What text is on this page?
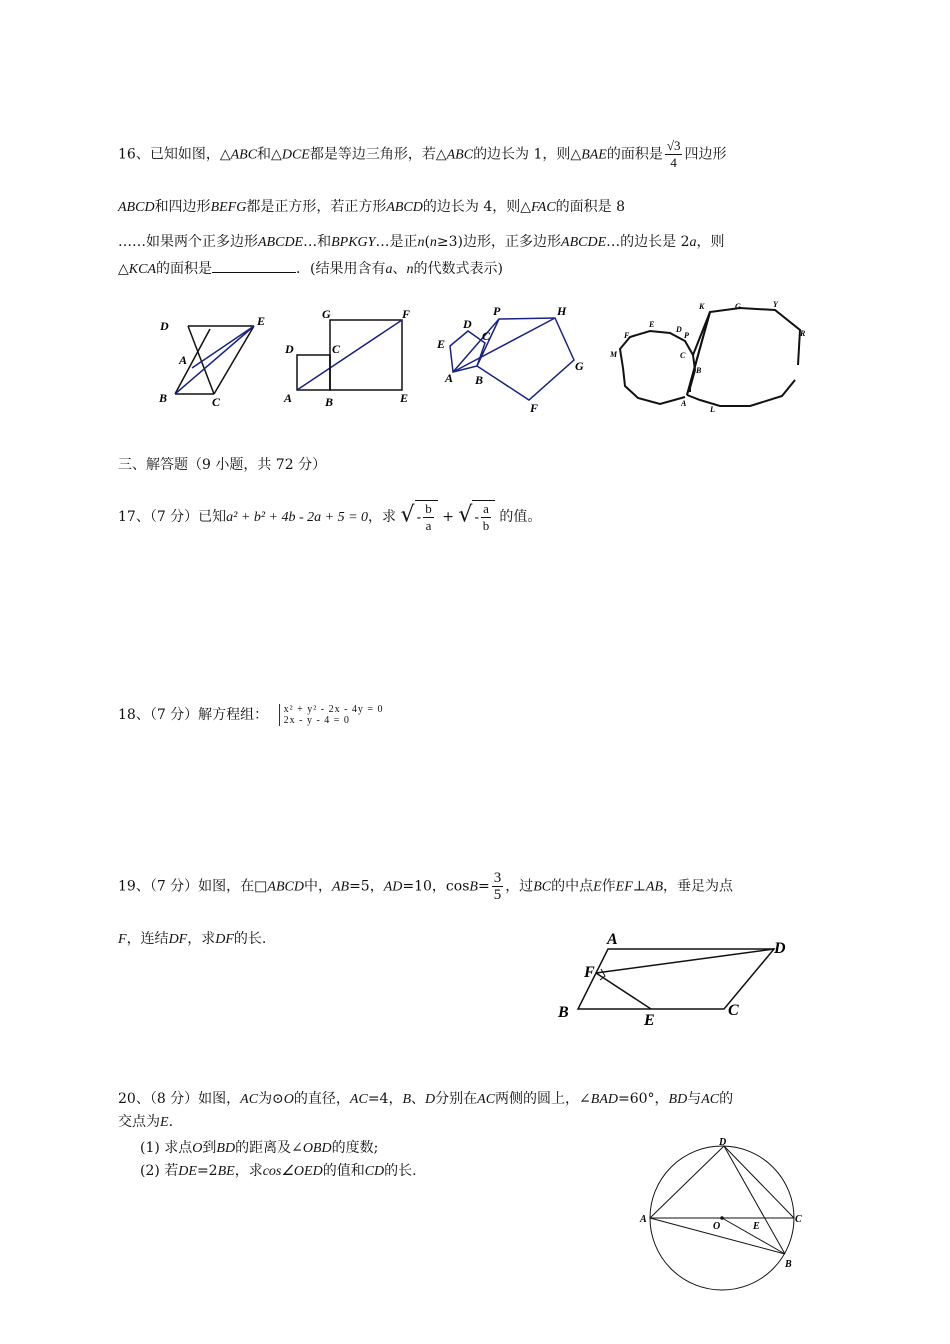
16、已知如图，△ABC和△DCE都是等边三角形，若△ABC的边长为 1，则△BAE的面积是 $\frac{√3}{4}$ 四边形
ABCD和四边形BEFG都是正方形，若正方形ABCD的边长为 4，则△FAC的面积是 8
……如果两个正多边形ABCDE…和BPKGY…是正n(n≥3)边形，正多边形ABCDE…的边长是 2a，则
△KCA的面积是	．(结果用含有a、n的代数式表示)
D	E
A
B	C
G	F
D	C
A	B	E
P	H
D
C
E
A B
G
F
K	G	Y
R
F
E
D
P
M	C
B
A
L
三、解答题（9 小题，共 72 分）
17、（7 分）已知a² + b² + 4b - 2a + 5 = 0，求 √ - $\frac{b}{a}$ + √ - $\frac{a}{b}$ 的值。
18、（7 分）解方程组： x² + y² - 2x - 4y = 0
2x - y - 4 = 0
19、（7 分）如图，在□ABCD中，AB=5，AD=10，$\cos B= \frac{3}{5}$ ，过BC的中点E作EF⊥AB，垂足为点
F，连结DF，求DF的长.	A
D
F
B	E
C
20、（8 分）如图，AC为⊙O的直径，AC=4，B、D分别在AC两侧的圆上，∠BAD=60°，BD与AC的
交点为E.
(1) 求点O到BD的距离及∠OBD的度数;
(2) 若DE=2BE，求cos∠OED的值和CD的长.
D
A
O	E
C
B
